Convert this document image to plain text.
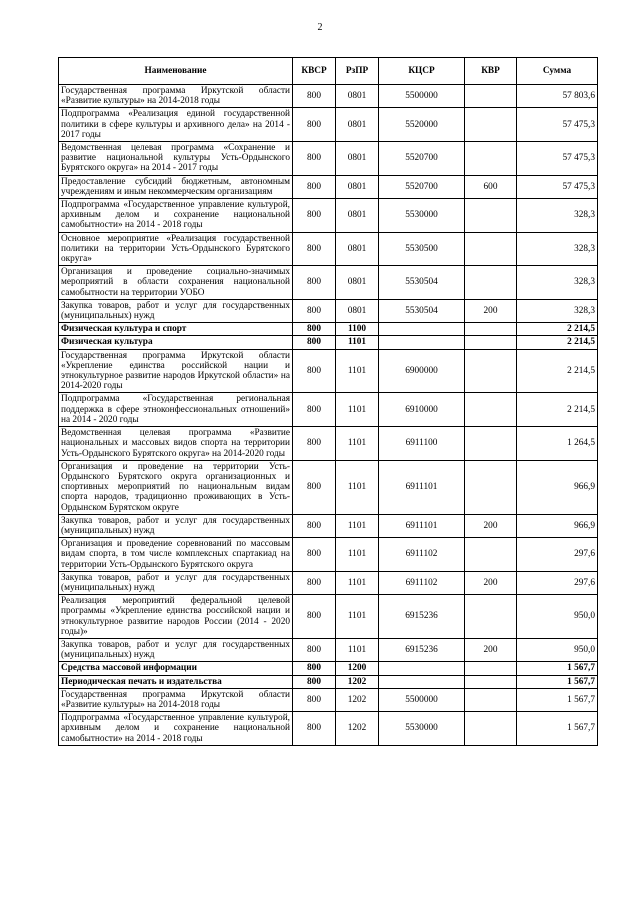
2
Наименование	КВСР	РзПР	КЦСР	КВР	Сумма
Государственная программа Иркутской области «Развитие культуры» на 2014-2018 годы	800	0801	5500000		57 803,6
Подпрограмма «Реализация единой государственной политики в сфере культуры и архивного дела» на 2014 - 2017 годы	800	0801	5520000		57 475,3
Ведомственная целевая программа «Сохранение и развитие национальной культуры Усть-Ордынского Бурятского округа» на 2014 - 2017 годы	800	0801	5520700		57 475,3
Предоставление субсидий бюджетным, автономным учреждениям и иным некоммерческим организациям	800	0801	5520700	600	57 475,3
Подпрограмма «Государственное управление культурой, архивным делом и сохранение национальной самобытности» на 2014 - 2018 годы	800	0801	5530000		328,3
Основное мероприятие «Реализация государственной политики на территории Усть-Ордынского Бурятского округа»	800	0801	5530500		328,3
Организация и проведение социально-значимых мероприятий в области сохранения национальной самобытности на территории УОБО	800	0801	5530504		328,3
Закупка товаров, работ и услуг для государственных (муниципальных) нужд	800	0801	5530504	200	328,3
Физическая культура и спорт	800	1100			2 214,5
Физическая культура	800	1101			2 214,5
Государственная программа Иркутской области «Укрепление единства российской нации и этнокультурное развитие народов Иркутской области» на 2014-2020 годы	800	1101	6900000		2 214,5
Подпрограмма «Государственная региональная поддержка в сфере этноконфессиональных отношений» на 2014 - 2020 годы	800	1101	6910000		2 214,5
Ведомственная целевая программа «Развитие национальных и массовых видов спорта на территории Усть-Ордынского Бурятского округа» на 2014-2020 годы	800	1101	6911100		1 264,5
Организация и проведение на территории Усть-Ордынского Бурятского округа организационных и спортивных мероприятий по национальным видам спорта народов, традиционно проживающих в Усть-Ордынском Бурятском округе	800	1101	6911101		966,9
Закупка товаров, работ и услуг для государственных (муниципальных) нужд	800	1101	6911101	200	966,9
Организация и проведение соревнований по массовым видам спорта, в том числе комплексных спартакиад на территории Усть-Ордынского Бурятского округа	800	1101	6911102		297,6
Закупка товаров, работ и услуг для государственных (муниципальных) нужд	800	1101	6911102	200	297,6
Реализация мероприятий федеральной целевой программы «Укрепление единства российской нации и этнокультурное развитие народов России (2014 - 2020 годы)»	800	1101	6915236		950,0
Закупка товаров, работ и услуг для государственных (муниципальных) нужд	800	1101	6915236	200	950,0
Средства массовой информации	800	1200			1 567,7
Периодическая печать и издательства	800	1202			1 567,7
Государственная программа Иркутской области «Развитие культуры» на 2014-2018 годы	800	1202	5500000		1 567,7
Подпрограмма «Государственное управление культурой, архивным делом и сохранение национальной самобытности» на 2014 - 2018 годы	800	1202	5530000		1 567,7
